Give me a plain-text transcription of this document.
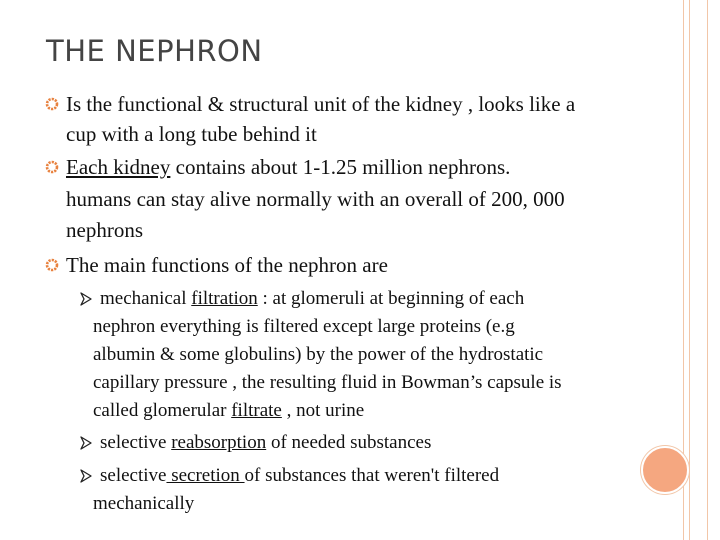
THE NEPHRON
Is the functional & structural unit of the kidney , looks like a
cup with a long tube behind it
Each kidney contains about 1-1.25 million nephrons.
humans can stay alive normally with an overall of 200, 000
nephrons
The main functions of the nephron are
mechanical filtration : at glomeruli at beginning of each
nephron everything is filtered except large proteins (e.g
albumin & some globulins) by the power of the hydrostatic
capillary pressure , the resulting fluid in Bowman’s capsule is
called glomerular filtrate , not urine
selective reabsorption of needed substances
selective secretion of substances that weren't filtered
mechanically
